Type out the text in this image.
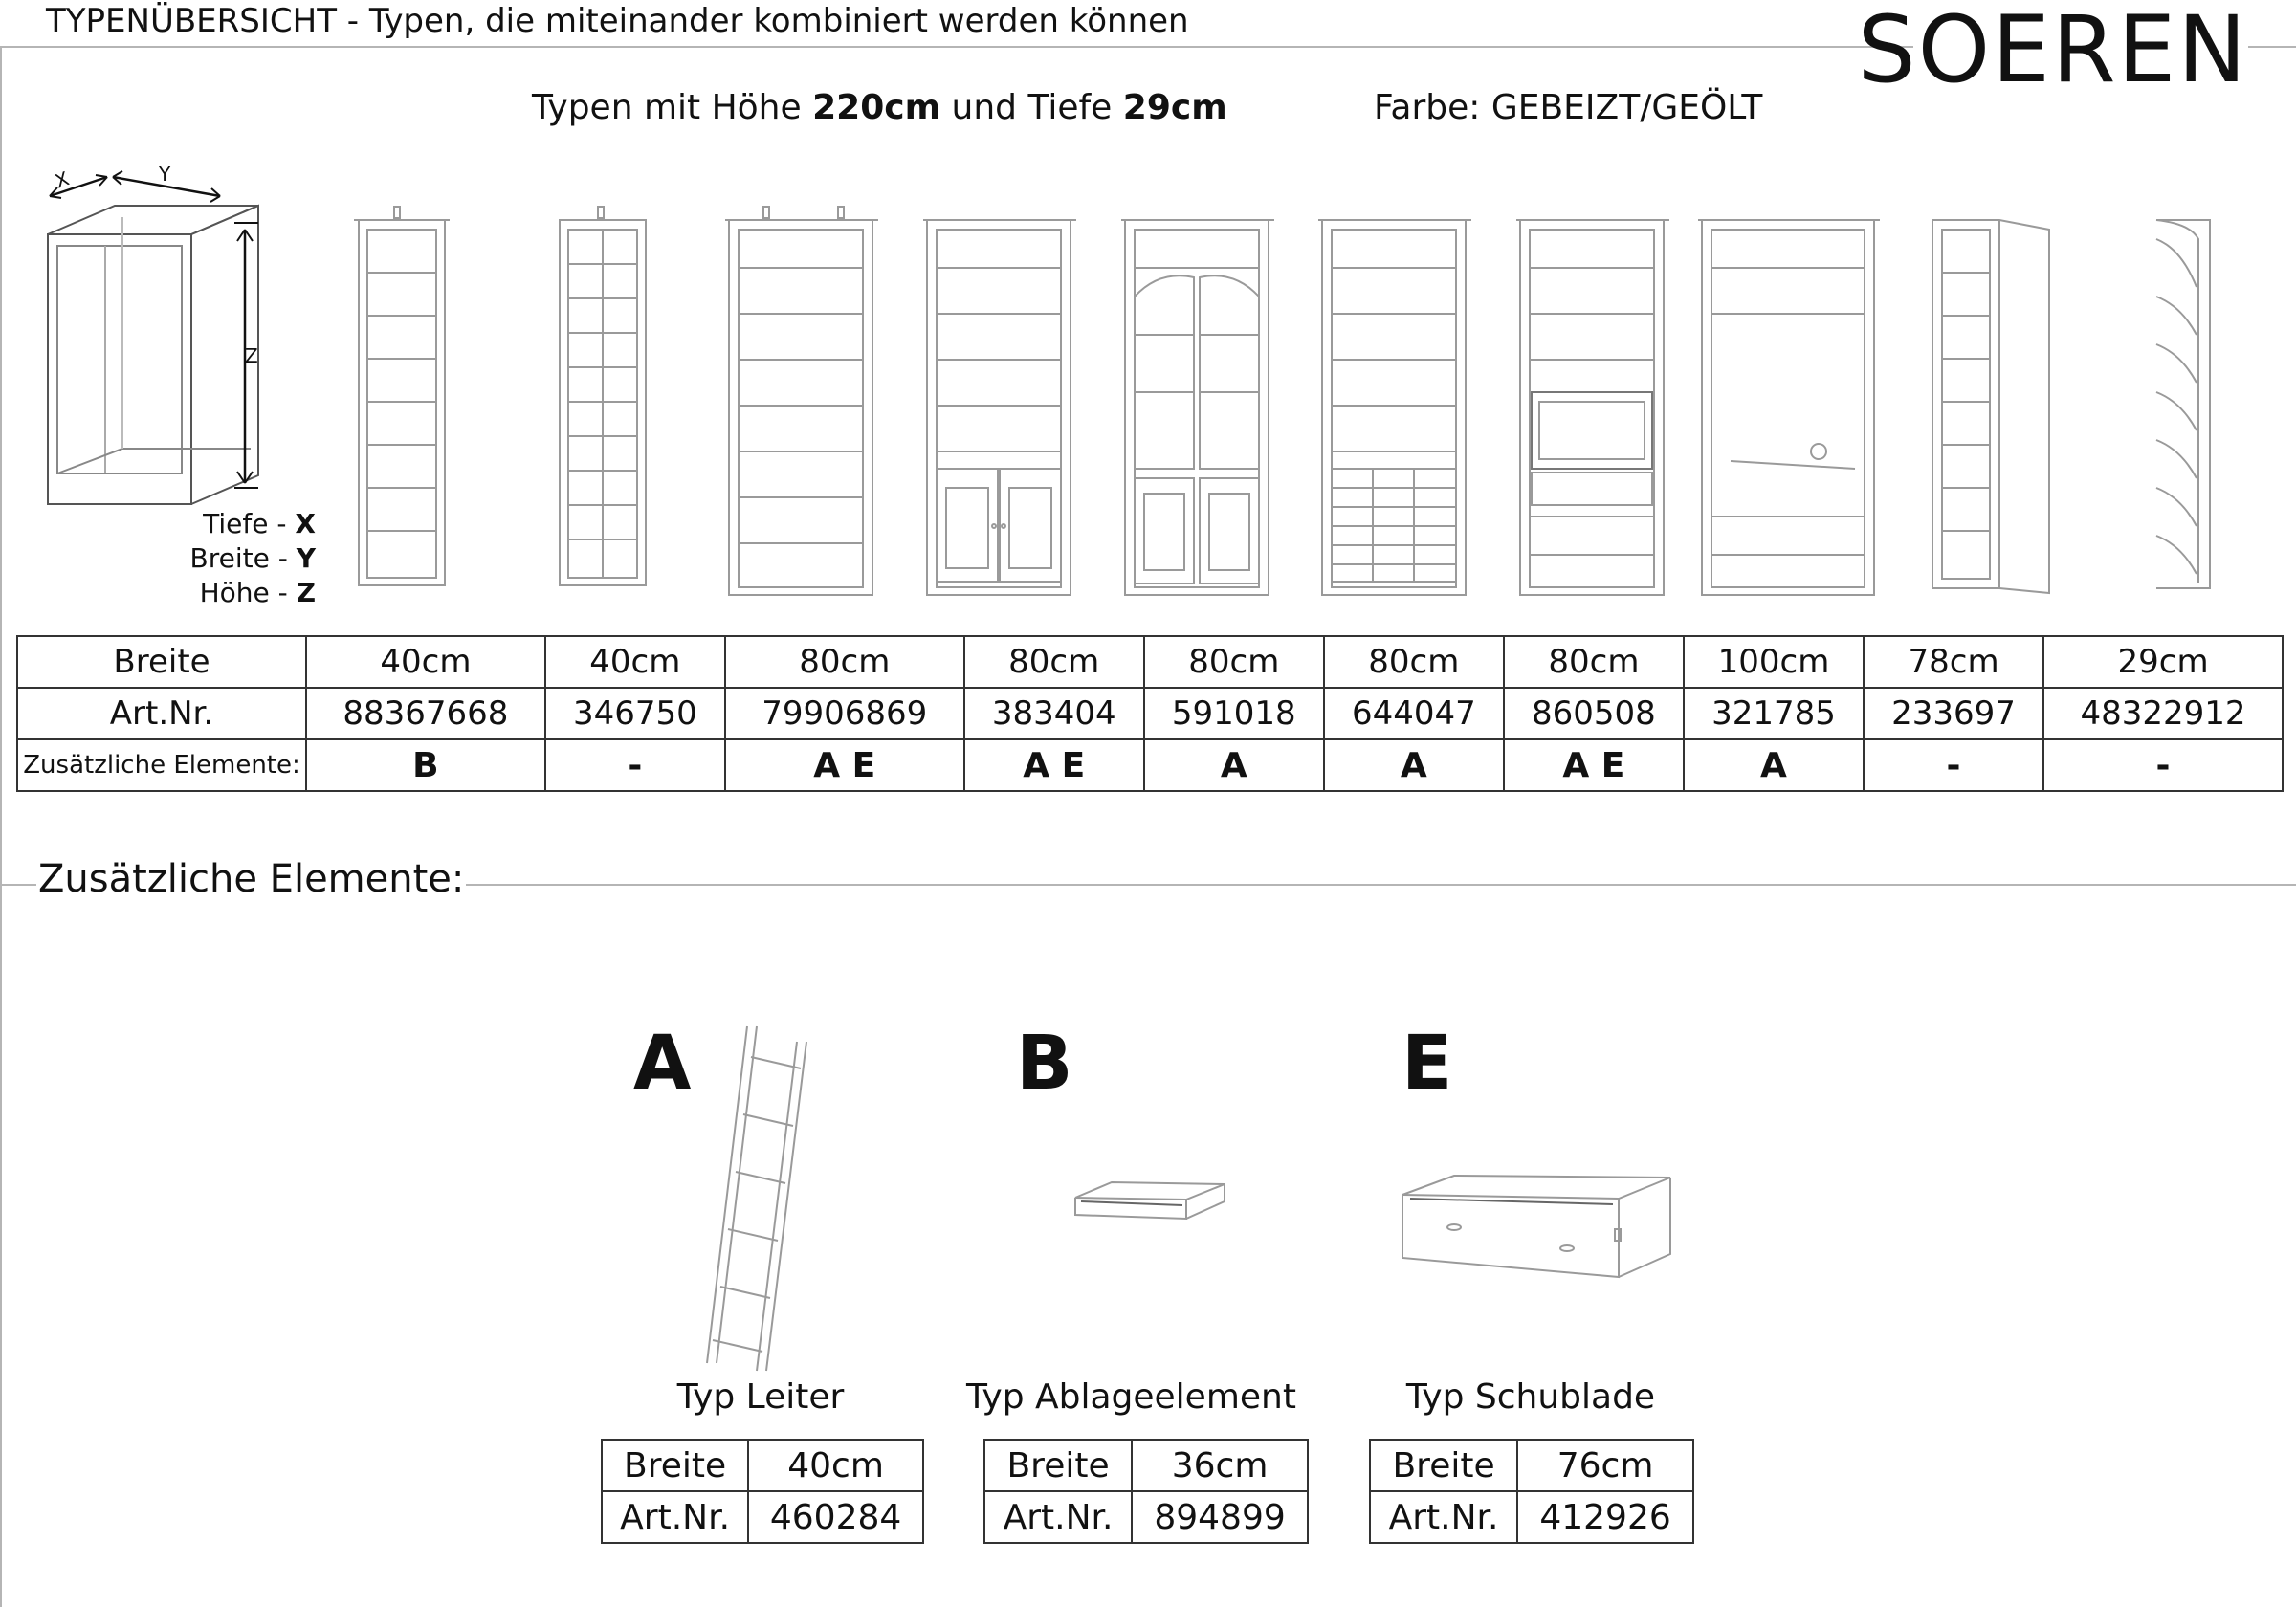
TYPENÜBERSICHT - Typen, die miteinander kombiniert werden können	SOEREN
Typen mit Höhe 220cm und Tiefe 29cm	Farbe: GEBEIZT/GEÖLT
X	Y
Z
Tiefe - X
Breite - Y
Höhe - Z
Breite	40cm	40cm	80cm	80cm	80cm	80cm	80cm	100cm	78cm	29cm
Art.Nr.	88367668	346750	79906869	383404	591018	644047	860508	321785	233697	48322912
Zusätzliche Elemente:	B	-	A E	A E	A	A	A E	A	-	-
Zusätzliche Elemente:
A
Typ Leiter
Breite	40cm
Art.Nr.	460284
B
Typ Ablageelement
Breite	36cm
Art.Nr.	894899
E
Typ Schublade
Breite	76cm
Art.Nr.	412926
